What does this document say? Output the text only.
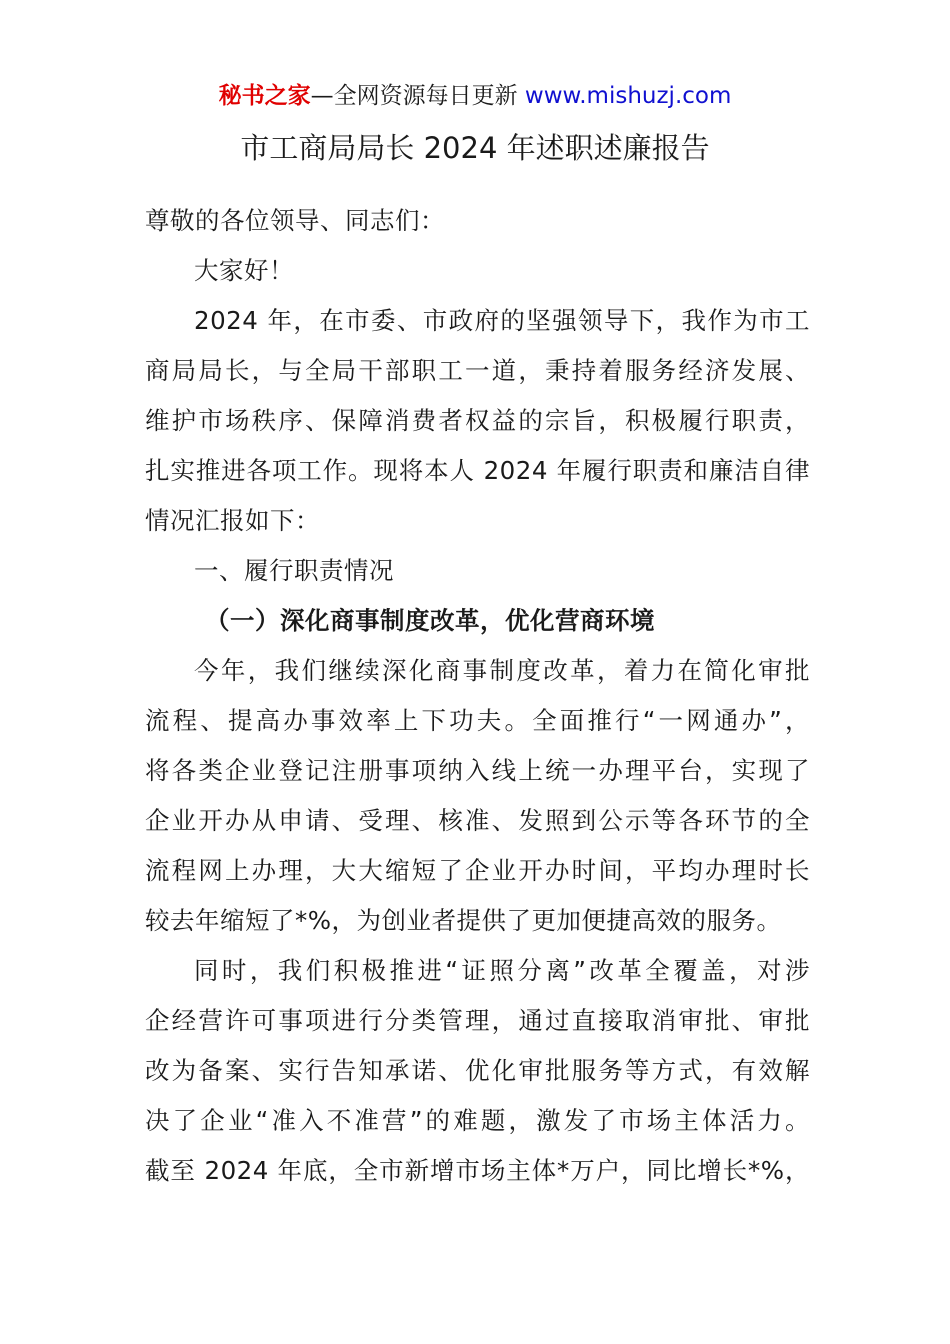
秘书之家—全网资源每日更新 www.mishuzj.com
市工商局局长 2024 年述职述廉报告
尊敬的各位领导、同志们：
大家好！
2024 年，在市委、市政府的坚强领导下，我作为市工
商局局长，与全局干部职工一道，秉持着服务经济发展、
维护市场秩序、保障消费者权益的宗旨，积极履行职责，
扎实推进各项工作。现将本人 2024 年履行职责和廉洁自律
情况汇报如下：
一、履行职责情况
（一）深化商事制度改革，优化营商环境
今年，我们继续深化商事制度改革，着力在简化审批
流程、提高办事效率上下功夫。全面推行“一网通办”，
将各类企业登记注册事项纳入线上统一办理平台，实现了
企业开办从申请、受理、核准、发照到公示等各环节的全
流程网上办理，大大缩短了企业开办时间，平均办理时长
较去年缩短了*%，为创业者提供了更加便捷高效的服务。
同时，我们积极推进“证照分离”改革全覆盖，对涉
企经营许可事项进行分类管理，通过直接取消审批、审批
改为备案、实行告知承诺、优化审批服务等方式，有效解
决了企业“准入不准营”的难题，激发了市场主体活力。
截至 2024 年底，全市新增市场主体*万户，同比增长*%，
